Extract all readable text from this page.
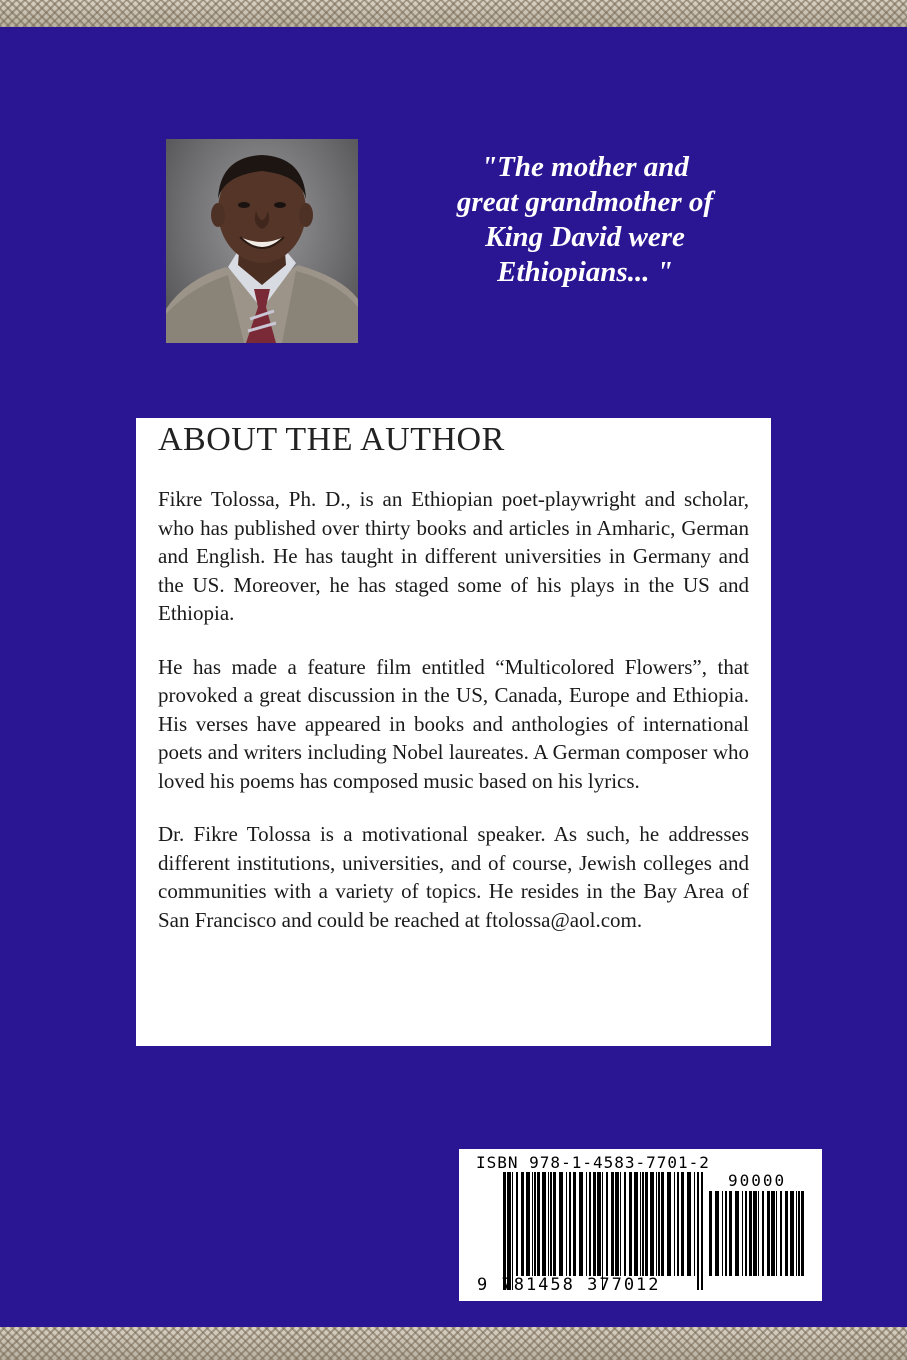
"The mother and
great grandmother of
King David were
Ethiopians... "
ABOUT THE AUTHOR

Fikre Tolossa, Ph. D., is an Ethiopian poet-playwright and scholar, who has published over thirty books and articles in Amharic, German and English. He has taught in different universities in Germany and the US. Moreover, he has staged some of his plays in the US and Ethiopia.

He has made a feature film entitled “Multicolored Flowers”, that provoked a great discussion in the US, Canada, Europe and Ethiopia. His verses have appeared in books and anthologies of international poets and writers including Nobel laureates. A German composer who loved his poems has composed music based on his lyrics.

Dr. Fikre Tolossa is a motivational speaker. As such, he addresses different institutions, universities, and of course, Jewish colleges and communities with a variety of topics. He resides in the Bay Area of San Francisco and could be reached at ftolossa@aol.com.

ISBN 978-1-4583-7701-2
90000
9 781458 377012
